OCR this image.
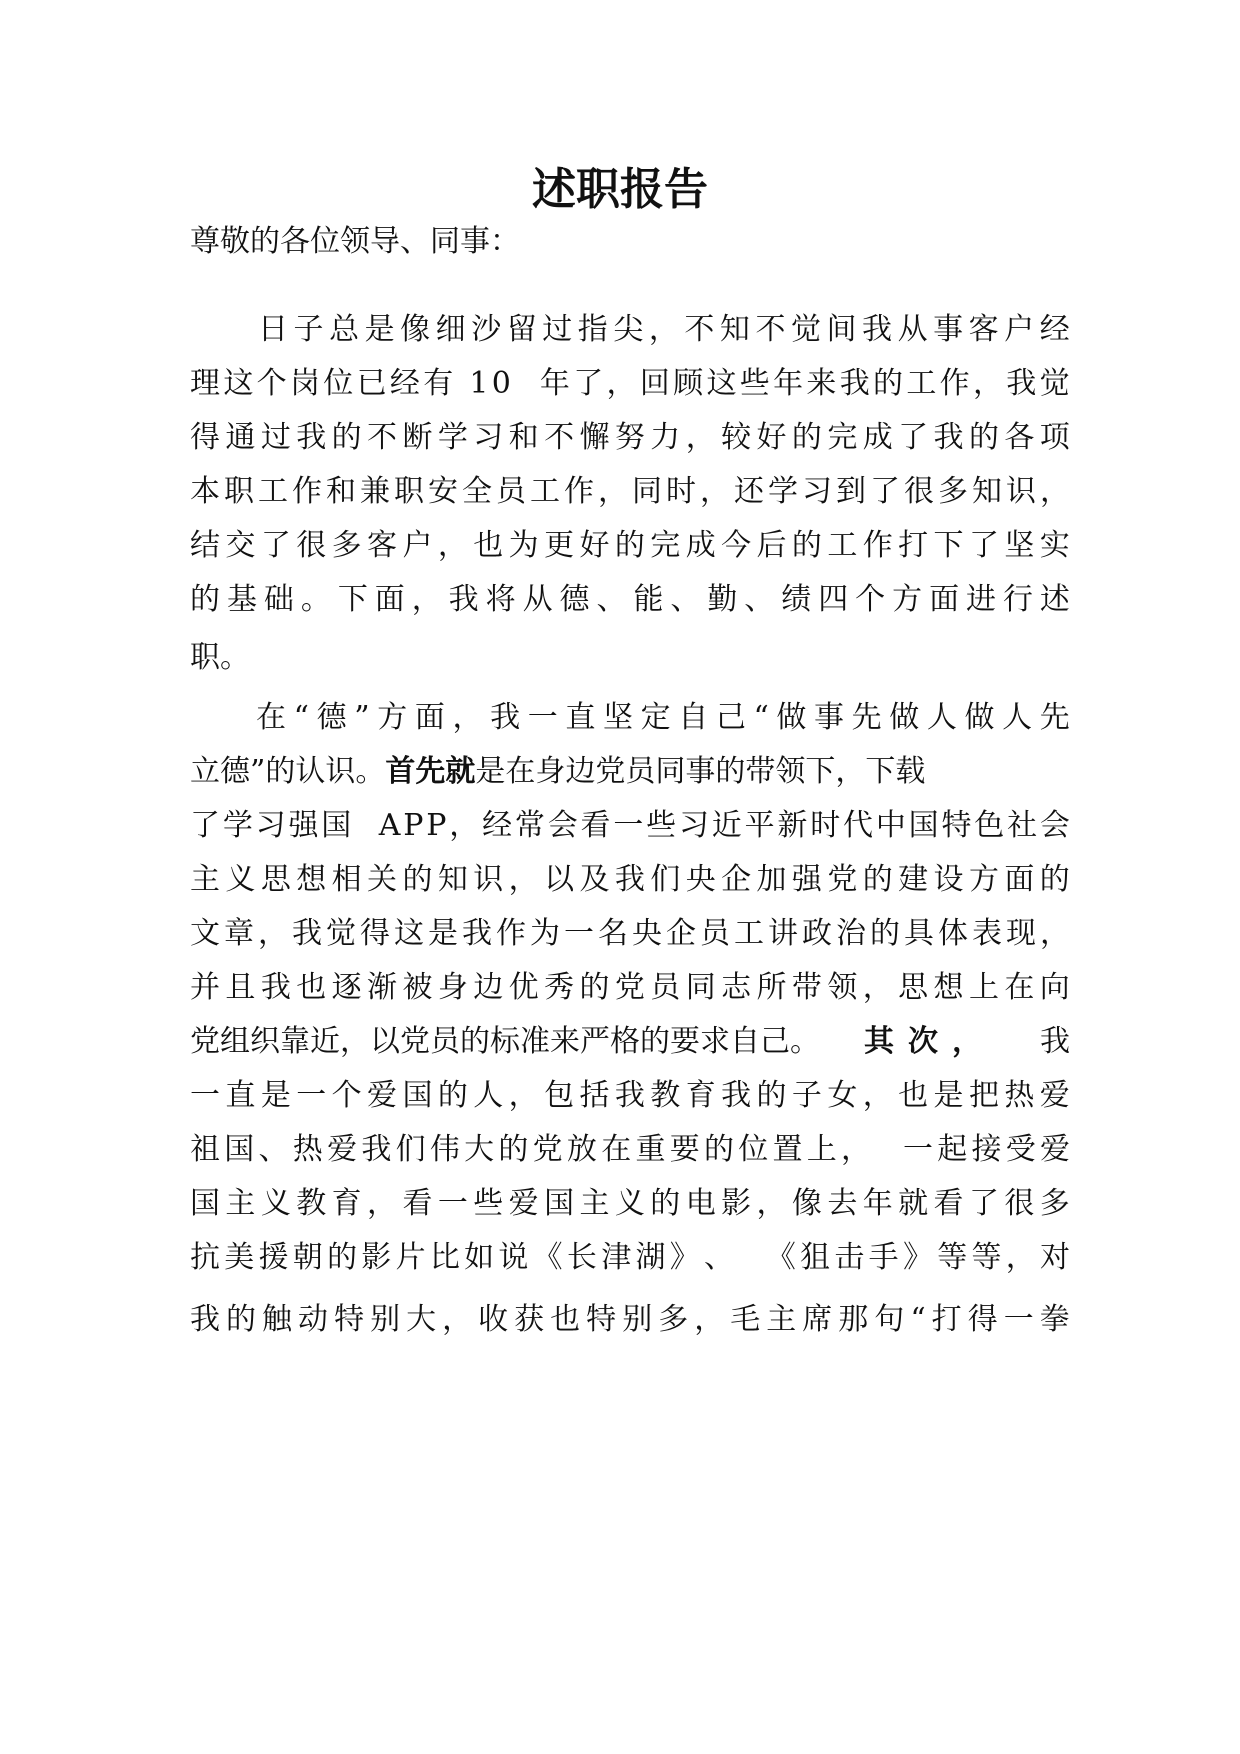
述职报告
尊敬的各位领导、同事：
日 子 总 是 像 细 沙 留 过 指 尖 ， 不 知 不 觉 间 我 从 事 客 户 经
理 这 个 岗 位 已 经 有
1 0

年 了 ， 回 顾 这 些 年 来 我 的 工 作 ， 我 觉
得 通 过 我 的 不 断 学 习 和 不 懈 努 力 ， 较 好 的 完 成 了 我 的 各 项
本 职 工 作 和 兼 职 安 全 员 工 作 ， 同 时 ， 还 学 习 到 了 很 多 知 识 ，
结 交 了 很 多 客 户 ， 也 为 更 好 的 完 成 今 后 的 工 作 打 下 了 坚 实
的 基 础 。 下 面 ， 我 将 从 德 、 能 、 勤 、 绩 四 个 方 面 进 行 述
职。
在 “ 德 ” 方 面 ， 我 一 直 坚 定 自 己 “ 做 事 先 做 人 做 人 先
立德”的认识。 首先就 是在身边党员同事的带领下，下载
了 学 习 强 国

A P P ， 经 常 会 看 一 些 习 近 平 新 时 代 中 国 特 色 社 会
主 义 思 想 相 关 的 知 识 ， 以 及 我 们 央 企 加 强 党 的 建 设 方 面 的
文 章 ， 我 觉 得 这 是 我 作 为 一 名 央 企 员 工 讲 政 治 的 具 体 表 现 ，
并 且 我 也 逐 渐 被 身 边 优 秀 的 党 员 同 志 所 带 领 ， 思 想 上 在 向
党组织靠近，以党员的标准来严格的要求自己。 其次， 我
一 直 是 一 个 爱 国 的 人 ， 包 括 我 教 育 我 的 子 女 ， 也 是 把 热 爱
祖 国 、 热 爱 我 们 伟 大 的 党 放 在 重 要 的 位 置 上 ，

一 起 接 受 爱
国 主 义 教 育 ， 看 一 些 爱 国 主 义 的 电 影 ， 像 去 年 就 看 了 很 多
抗 美 援 朝 的 影 片 比 如 说 《 长 津 湖 》 、

《 狙 击 手 》 等 等 ， 对
我 的 触 动 特 别 大 ， 收 获 也 特 别 多 ， 毛 主 席 那 句 “ 打 得 一 拳
